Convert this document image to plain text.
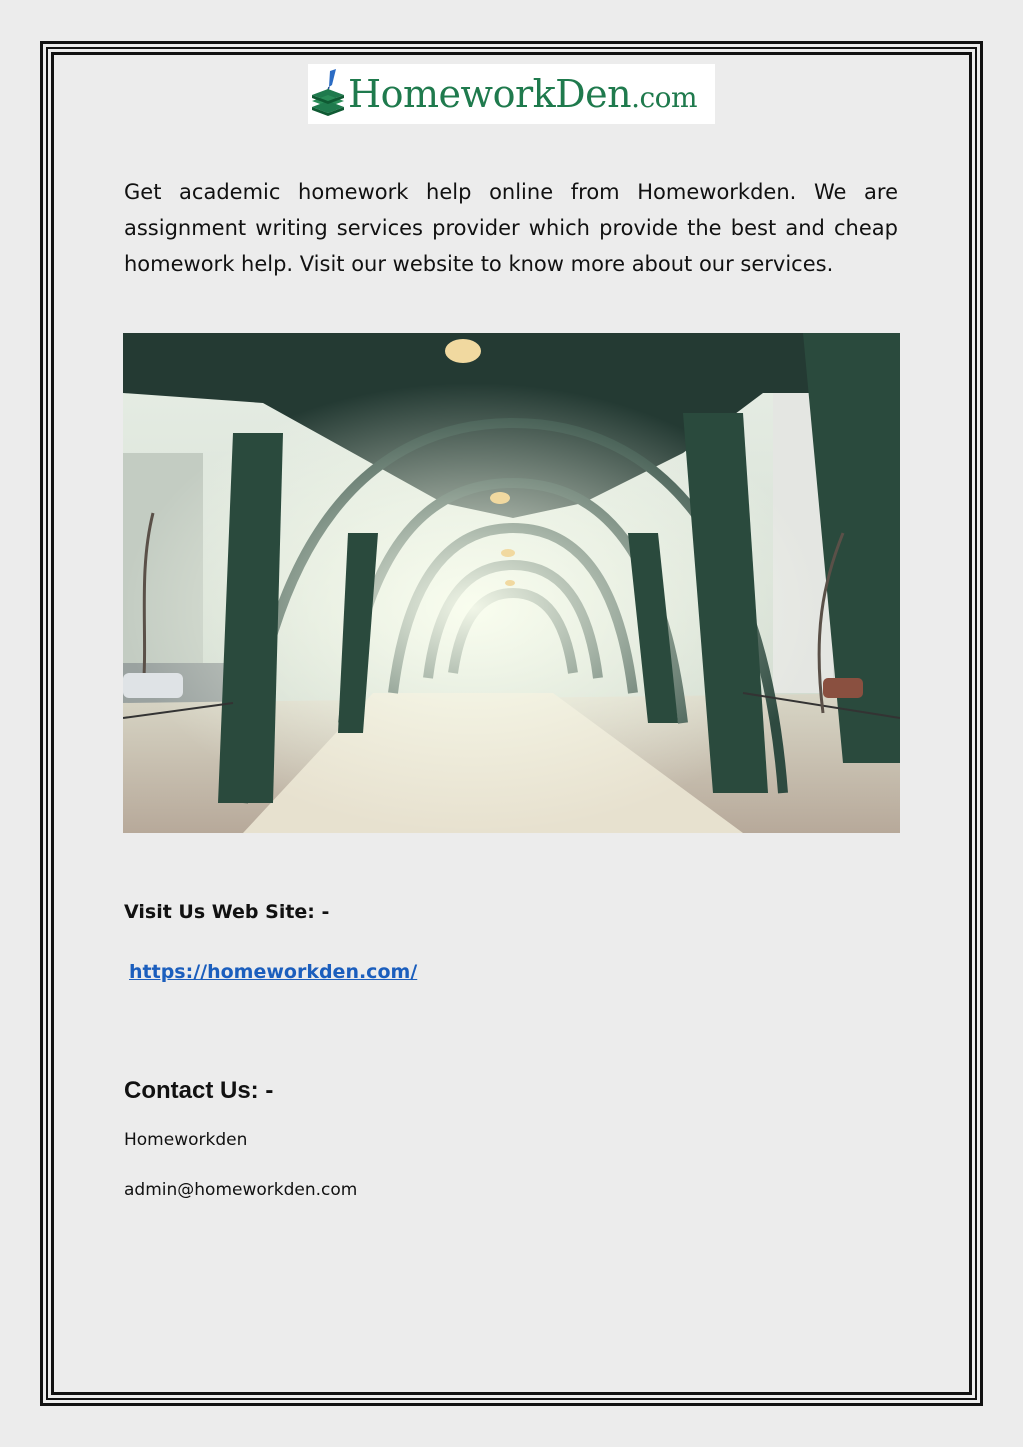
HomeworkDen.com

Get academic homework help online from Homeworkden. We are assignment writing services provider which provide the best and cheap homework help. Visit our website to know more about our services.

Visit Us Web Site: -
https://homeworkden.com/
Contact Us: -
Homeworkden
admin@homeworkden.com
